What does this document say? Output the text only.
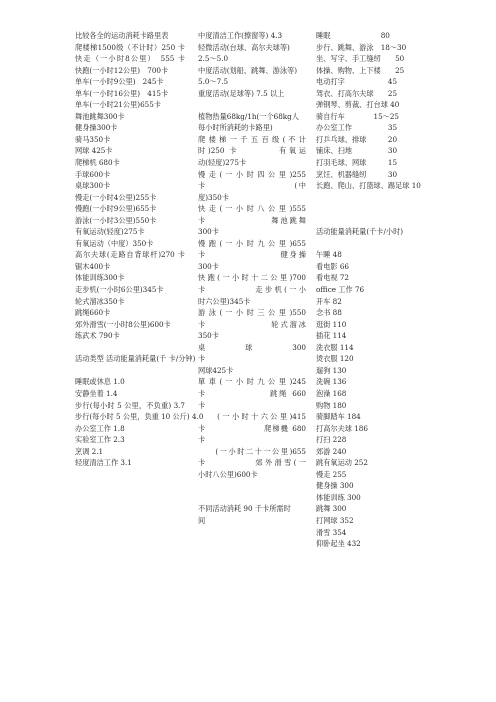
比较各全的运动消耗卡路里表
爬楼梯1500级（不计时）250 卡
快走（一小时8公里）　555 卡
快跑(一小时12公里)　700卡
单车(一小时9公里)　245卡
单车(一小时16公里)　415卡
单车(一小时21公里)655卡
舞池跳舞300卡
健身操300卡
骑马350卡
网球 425卡
爬梯机 680卡
手球600卡
桌球300卡
慢走(一小时4公里)255卡
慢跑(一小时9公里)655卡
游泳(一小时3公里)550卡
有氧运动(轻度)275卡
有氧运动（中度）350卡
高尔夫球(走路自背球杆)270 卡
锯木400卡
体能训练300卡
走步机(一小时6公里)345卡
轮式溜冰350卡
跳绳660卡
郊外滑雪(一小时8公里)600卡
练武术 790卡
活动类型 活动能量消耗量(千 卡/分钟)
睡眠或休息 1.0
安静坐着 1.4
步行(每小时 5 公里，不负重) 3.7
步行(每小时 5 公里，负重 10 公斤) 4.0
办公室工作 1.8
实验室工作 2.3
烹调 2.1
轻度清洁工作 3.1
中度清洁工作(擦窗等) 4.3
轻微活动(台球、高尔夫球等)
2.5～5.0
中度活动(划船、跳舞、游泳等)
5.0～7.5
重度活动(足球等) 7.5 以上
植物热量68kg/1h(一个68kg人
每小时所消耗的卡路里)
爬 楼 梯 一 千 五 百 级 ( 不 计
时)250 卡　　　　有氧运
动(轻度)275卡
慢 走 ( 一 小 时 四 公 里 )255
卡　　　　　　　　　　(中
度)350卡
快 走 ( 一 小 时 八 公 里 )555
卡　　　　　　　舞池跳舞
300卡
慢 跑 ( 一 小 时 九 公 里 )655
卡　　　　　　　　健身操
300卡
快跑(一小时十二公里)700
卡　　　　　走步机(一小
时六公里)345卡
游 泳 ( 一 小 时 三 公 里 )550
卡　　　　　　　轮式溜冰
350卡
桌　　　　球　　　　300
卡
网球425卡
單 車 ( 一 小 时 九 公 里 )245
卡　　　　　　　跳绳 660
卡
　　(一小时十六公里)415
卡　　　　　　　爬梯機 680
卡
　　(一小时二十一公里)655
卡　　　　　郊外滑雪(一
小时八公里)600卡
不同活动消耗 90 千卡所需时
间
睡眠　　　　　　　80
步行、跳舞、游泳　18～30
坐、写字、手工缝纫　　50
体操、购物、上下楼　　25
电动打字　　　　　　45
驾衣、打高尔夫球　　25
弹钢琴、剪裁、打台球 40
骑自行车　　　　15～25
办公室工作　　　　　35
打乒乓球、排球　　　20
铺床、扫地　　　　　30
打羽毛球、网球　　　15
烹饪、机器缝纫　　　30
长跑、爬山、打篮球、踢足球 10
活动能量消耗量(千卡/小时)
午睡 48
看电影 66
看电视 72
office 工作 76
开车 82
念书 88
逛街 110
插花 114
洗衣服 114
烫衣服 120
遛狗 130
洗碗 136
泡澡 168
购物 180
骑脚踏车 184
打高尔夫球 186
打扫 228
郊游 240
跳有氧运动 252
慢走 255
健身操 300
体能训练 300
跳舞 300
打网球 352
滑雪 354
仰卧起坐 432
